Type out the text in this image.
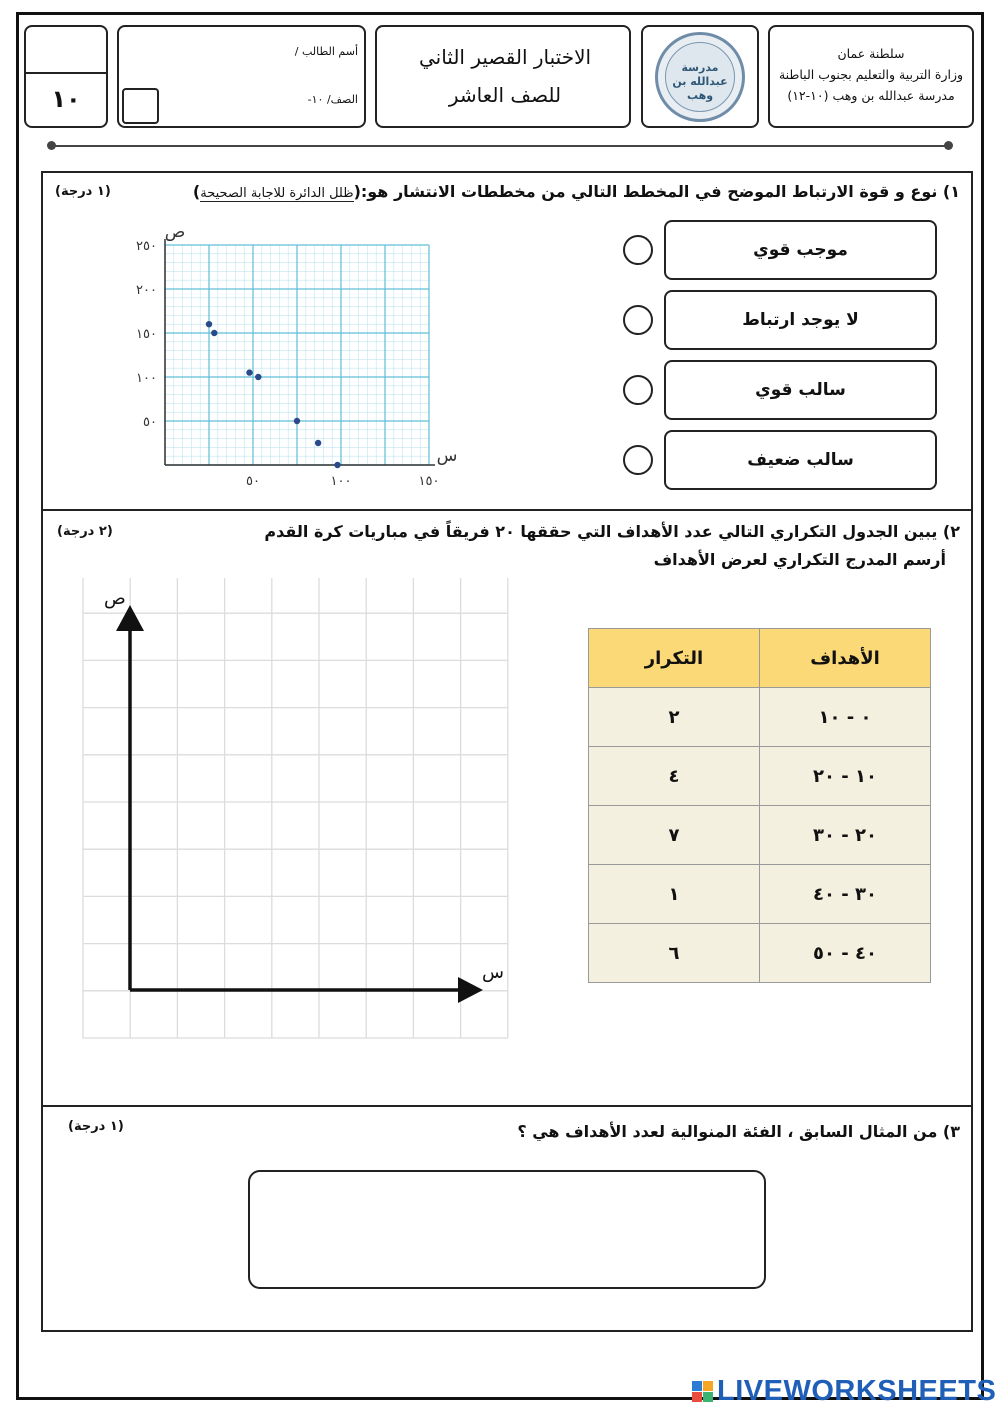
سلطنة عمان
وزارة التربية والتعليم بجنوب الباطنة
مدرسة عبدالله بن وهب (١٠-١٢)
مدرسة عبدالله بن وهب
الاختبار القصير الثاني
للصف العاشر
أسم الطالب /
الصف/ ١٠-
١٠
١) نوع و قوة الارتباط الموضح في المخطط التالي من مخططات الانتشار هو:(ظلل الدائرة للاجابة الصحيحة)
(١ درجة)
موجب قوي
لا يوجد ارتباط
سالب قوي
سالب ضعيف
س
ص
٥٠	١٠٠	١٥٠
٥٠
١٠٠
١٥٠
٢٠٠
٢٥٠
٢) يبين الجدول التكراري التالي عدد الأهداف التي حققها ٢٠ فريقاً في مباريات كرة القدم
أرسم المدرج التكراري لعرض الأهداف
(٢ درجة)
ص
س
الأهداف	التكرار
٠ - ١٠	٢
١٠ - ٢٠	٤
٢٠ - ٣٠	٧
٣٠ - ٤٠	١
٤٠ - ٥٠	٦
٣) من المثال السابق ، الفئة المنوالية لعدد الأهداف هي ؟
(١ درجة)
LIVEWORKSHEETS
